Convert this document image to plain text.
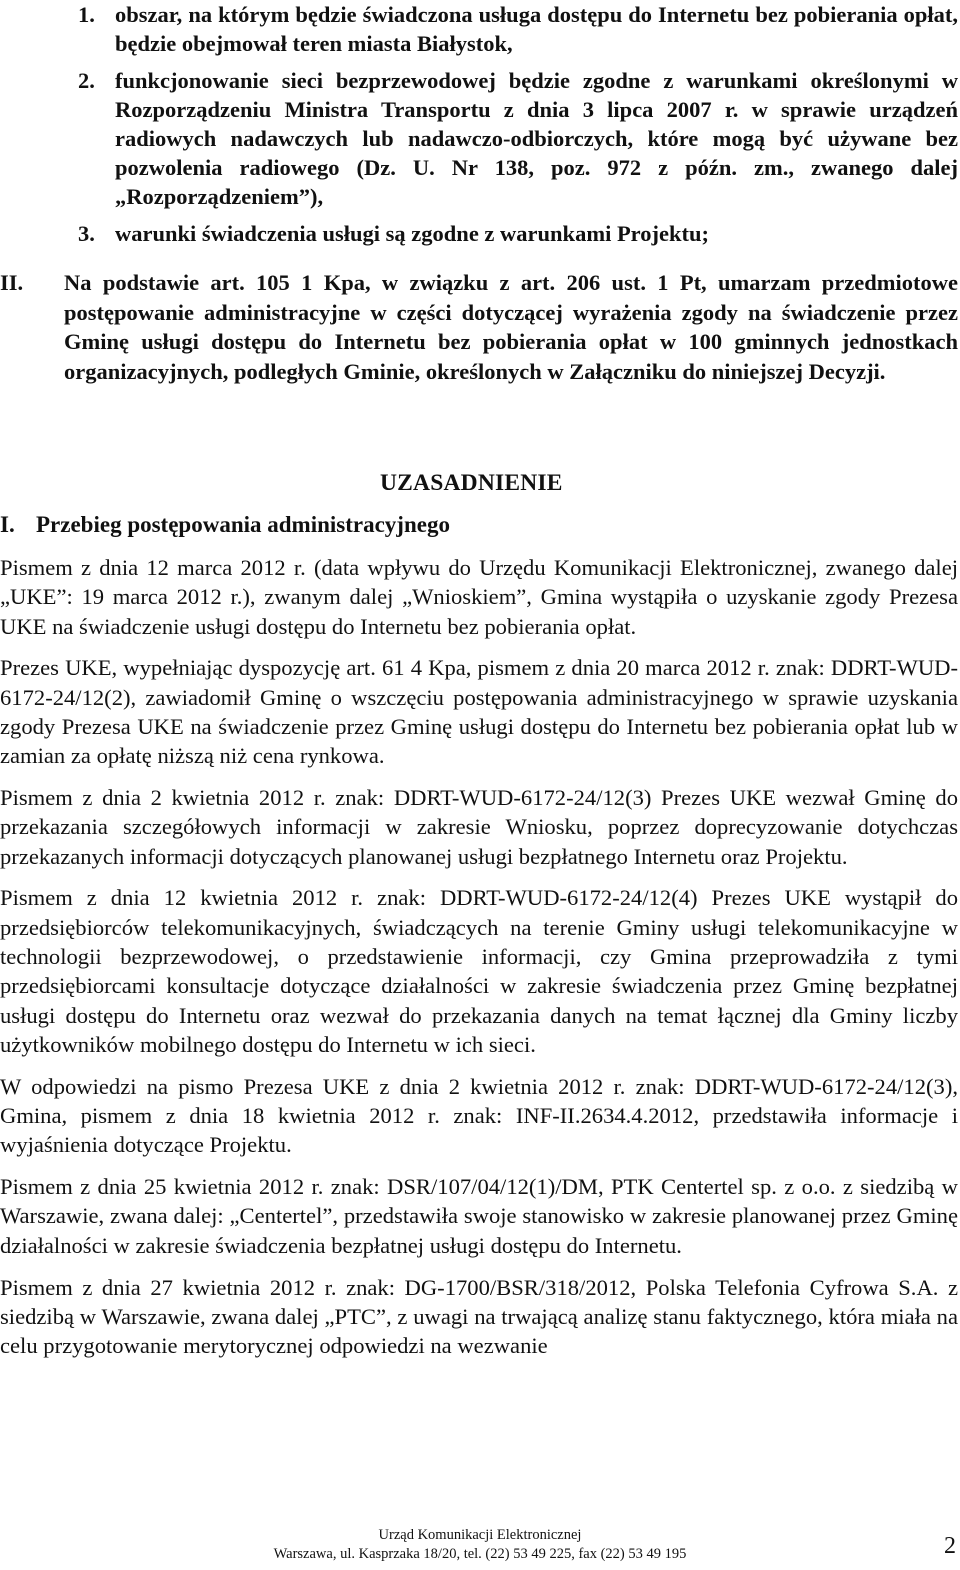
1. obszar, na którym będzie świadczona usługa dostępu do Internetu bez pobierania opłat, będzie obejmował teren miasta Białystok,
2. funkcjonowanie sieci bezprzewodowej będzie zgodne z warunkami określonymi w Rozporządzeniu Ministra Transportu z dnia 3 lipca 2007 r. w sprawie urządzeń radiowych nadawczych lub nadawczo-odbiorczych, które mogą być używane bez pozwolenia radiowego (Dz. U. Nr 138, poz. 972 z późn. zm., zwanego dalej „Rozporządzeniem”),
3. warunki świadczenia usługi są zgodne z warunkami Projektu;
II.	Na podstawie art. 105 1 Kpa, w związku z art. 206 ust. 1 Pt, umarzam przedmiotowe postępowanie administracyjne w części dotyczącej wyrażenia zgody na świadczenie przez Gminę usługi dostępu do Internetu bez pobierania opłat w 100 gminnych jednostkach organizacyjnych, podległych Gminie, określonych w Załączniku do niniejszej Decyzji.
UZASADNIENIE
I. Przebieg postępowania administracyjnego

Pismem z dnia 12 marca 2012 r. (data wpływu do Urzędu Komunikacji Elektronicznej, zwanego dalej „UKE”: 19 marca 2012 r.), zwanym dalej „Wnioskiem”, Gmina wystąpiła o uzyskanie zgody Prezesa UKE na świadczenie usługi dostępu do Internetu bez pobierania opłat.

Prezes UKE, wypełniając dyspozycję art. 61 4 Kpa, pismem z dnia 20 marca 2012 r. znak: DDRT-WUD-6172-24/12(2), zawiadomił Gminę o wszczęciu postępowania administracyjnego w sprawie uzyskania zgody Prezesa UKE na świadczenie przez Gminę usługi dostępu do Internetu bez pobierania opłat lub w zamian za opłatę niższą niż cena rynkowa.

Pismem z dnia 2 kwietnia 2012 r. znak: DDRT-WUD-6172-24/12(3) Prezes UKE wezwał Gminę do przekazania szczegółowych informacji w zakresie Wniosku, poprzez doprecyzowanie dotychczas przekazanych informacji dotyczących planowanej usługi bezpłatnego Internetu oraz Projektu.

Pismem z dnia 12 kwietnia 2012 r. znak: DDRT-WUD-6172-24/12(4) Prezes UKE wystąpił do przedsiębiorców telekomunikacyjnych, świadczących na terenie Gminy usługi telekomunikacyjne w technologii bezprzewodowej, o przedstawienie informacji, czy Gmina przeprowadziła z tymi przedsiębiorcami konsultacje dotyczące działalności w zakresie świadczenia przez Gminę bezpłatnej usługi dostępu do Internetu oraz wezwał do przekazania danych na temat łącznej dla Gminy liczby użytkowników mobilnego dostępu do Internetu w ich sieci.

W odpowiedzi na pismo Prezesa UKE z dnia 2 kwietnia 2012 r. znak: DDRT-WUD-6172-24/12(3), Gmina, pismem z dnia 18 kwietnia 2012 r. znak: INF-II.2634.4.2012, przedstawiła informacje i wyjaśnienia dotyczące Projektu.

Pismem z dnia 25 kwietnia 2012 r. znak: DSR/107/04/12(1)/DM, PTK Centertel sp. z o.o. z siedzibą w Warszawie, zwana dalej: „Centertel”, przedstawiła swoje stanowisko w zakresie planowanej przez Gminę działalności w zakresie świadczenia bezpłatnej usługi dostępu do Internetu.

Pismem z dnia 27 kwietnia 2012 r. znak: DG-1700/BSR/318/2012, Polska Telefonia Cyfrowa S.A. z siedzibą w Warszawie, zwana dalej „PTC”, z uwagi na trwającą analizę stanu faktycznego, która miała na celu przygotowanie merytorycznej odpowiedzi na wezwanie

Urząd Komunikacji Elektronicznej
Warszawa, ul. Kasprzaka 18/20, tel. (22) 53 49 225, fax (22) 53 49 195	2
